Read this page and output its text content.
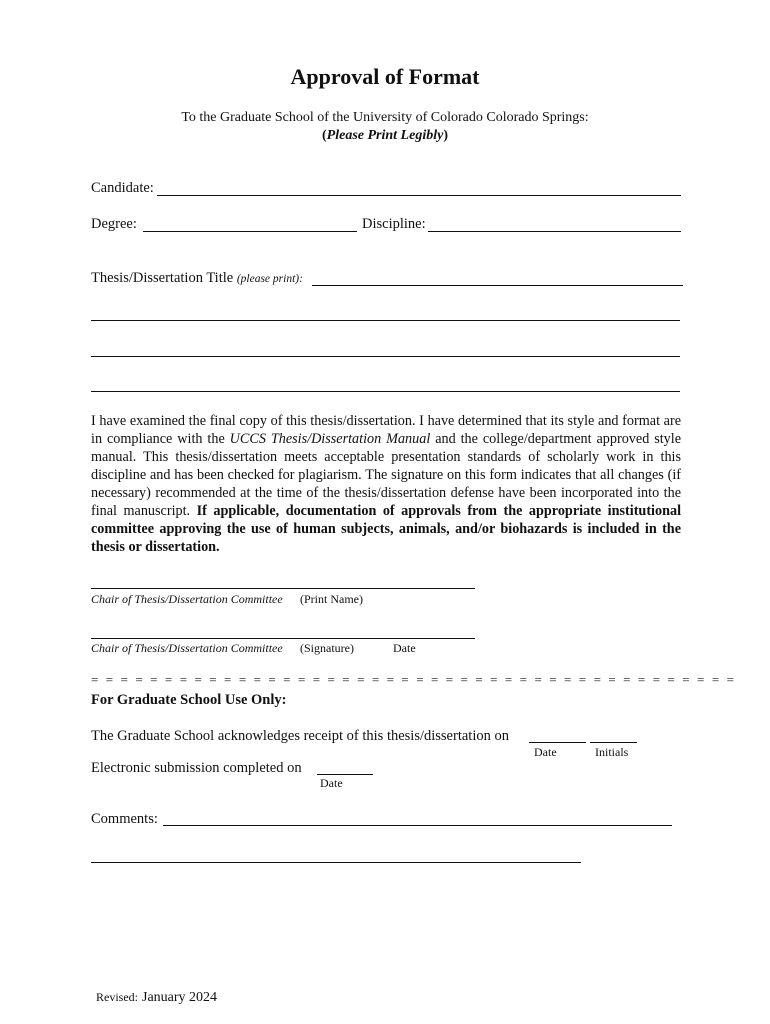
Approval of Format
To the Graduate School of the University of Colorado Colorado Springs:
(Please Print Legibly)
Candidate:
Degree:	Discipline:
Thesis/Dissertation Title (please print):
I have examined the final copy of this thesis/dissertation. I have determined that its style and format are in compliance with the UCCS Thesis/Dissertation Manual and the college/department approved style manual. This thesis/dissertation meets acceptable presentation standards of scholarly work in this discipline and has been checked for plagiarism. The signature on this form indicates that all changes (if necessary) recommended at the time of the thesis/dissertation defense have been incorporated into the final manuscript. If applicable, documentation of approvals from the appropriate institutional committee approving the use of human subjects, animals, and/or biohazards is included in the thesis or dissertation.
Chair of Thesis/Dissertation Committee (Print Name)
Chair of Thesis/Dissertation Committee (Signature)	Date
= = = = = = = = = = = = = = = = = = = = = = = = = = = = = = = = = = = = = = = = = = = =
For Graduate School Use Only:
The Graduate School acknowledges receipt of this thesis/dissertation on
Date	Initials
Electronic submission completed on
Date
Comments:
Revised: January 2024
